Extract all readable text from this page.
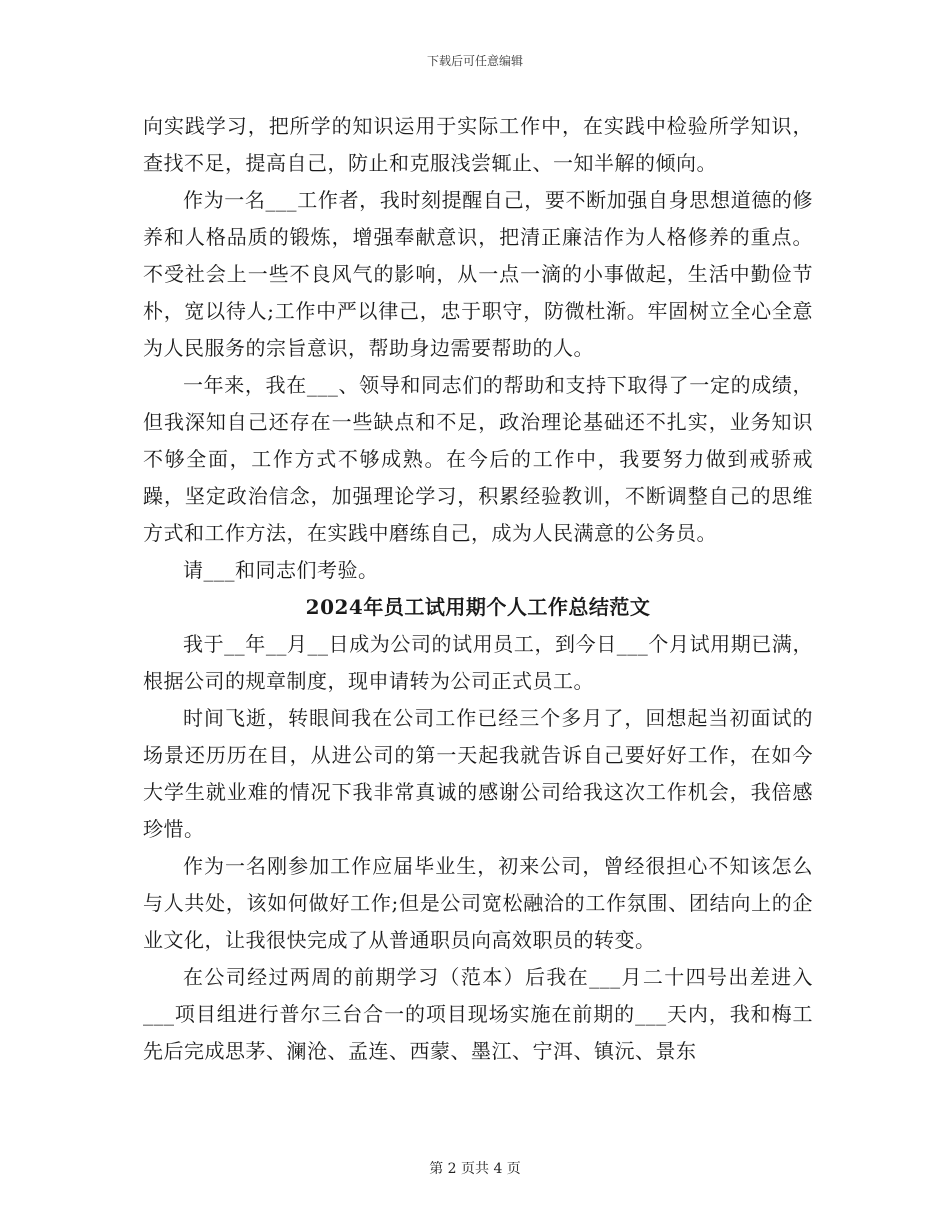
下载后可任意编辑

向实践学习，把所学的知识运用于实际工作中，在实践中检验所学知识，查找不足，提高自己，防止和克服浅尝辄止、一知半解的倾向。

作为一名___工作者，我时刻提醒自己，要不断加强自身思想道德的修养和人格品质的锻炼，增强奉献意识，把清正廉洁作为人格修养的重点。不受社会上一些不良风气的影响，从一点一滴的小事做起，生活中勤俭节朴，宽以待人;工作中严以律己，忠于职守，防微杜渐。牢固树立全心全意为人民服务的宗旨意识，帮助身边需要帮助的人。

一年来，我在___、领导和同志们的帮助和支持下取得了一定的成绩，但我深知自己还存在一些缺点和不足，政治理论基础还不扎实，业务知识不够全面，工作方式不够成熟。在今后的工作中，我要努力做到戒骄戒躁，坚定政治信念，加强理论学习，积累经验教训，不断调整自己的思维方式和工作方法，在实践中磨练自己，成为人民满意的公务员。

请___和同志们考验。

2024年员工试用期个人工作总结范文

我于__年__月__日成为公司的试用员工，到今日___个月试用期已满，根据公司的规章制度，现申请转为公司正式员工。

时间飞逝，转眼间我在公司工作已经三个多月了，回想起当初面试的场景还历历在目，从进公司的第一天起我就告诉自己要好好工作，在如今大学生就业难的情况下我非常真诚的感谢公司给我这次工作机会，我倍感珍惜。

作为一名刚参加工作应届毕业生，初来公司，曾经很担心不知该怎么与人共处，该如何做好工作;但是公司宽松融洽的工作氛围、团结向上的企业文化，让我很快完成了从普通职员向高效职员的转变。

在公司经过两周的前期学习（范本）后我在___月二十四号出差进入___项目组进行普尔三台合一的项目现场实施在前期的___天内，我和梅工先后完成思茅、澜沧、孟连、西蒙、墨江、宁洱、镇沅、景东

第 2 页共 4 页
